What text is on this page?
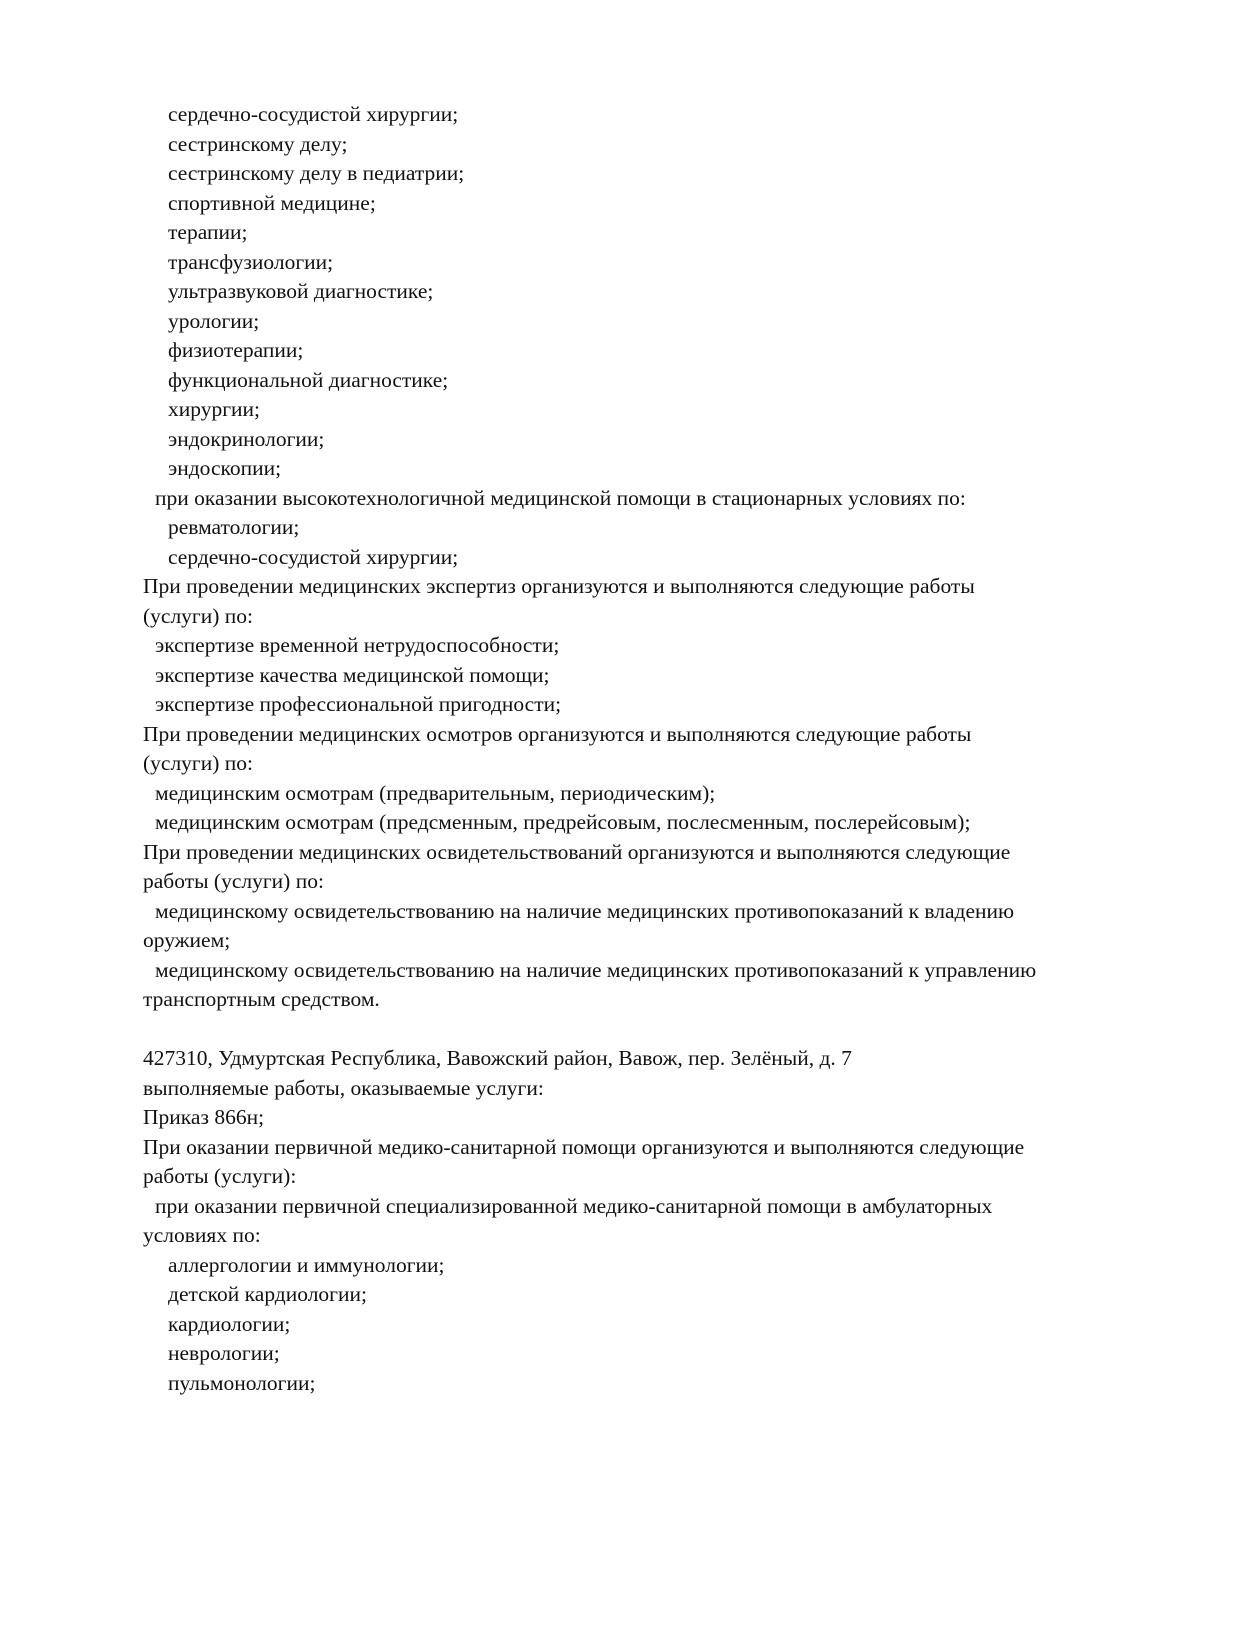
сердечно-сосудистой хирургии;
сестринскому делу;
сестринскому делу в педиатрии;
спортивной медицине;
терапии;
трансфузиологии;
ультразвуковой диагностике;
урологии;
физиотерапии;
функциональной диагностике;
хирургии;
эндокринологии;
эндоскопии;
при оказании высокотехнологичной медицинской помощи в стационарных условиях по:
ревматологии;
сердечно-сосудистой хирургии;
При проведении медицинских экспертиз организуются и выполняются следующие работы
(услуги) по:
экспертизе временной нетрудоспособности;
экспертизе качества медицинской помощи;
экспертизе профессиональной пригодности;
При проведении медицинских осмотров организуются и выполняются следующие работы
(услуги) по:
медицинским осмотрам (предварительным, периодическим);
медицинским осмотрам (предсменным, предрейсовым, послесменным, послерейсовым);
При проведении медицинских освидетельствований организуются и выполняются следующие
работы (услуги) по:
медицинскому освидетельствованию на наличие медицинских противопоказаний к владению
оружием;
медицинскому освидетельствованию на наличие медицинских противопоказаний к управлению
транспортным средством.
427310, Удмуртская Республика, Вавожский район, Вавож, пер. Зелёный, д. 7
выполняемые работы, оказываемые услуги:
Приказ 866н;
При оказании первичной медико-санитарной помощи организуются и выполняются следующие
работы (услуги):
при оказании первичной специализированной медико-санитарной помощи в амбулаторных
условиях по:
аллергологии и иммунологии;
детской кардиологии;
кардиологии;
неврологии;
пульмонологии;
